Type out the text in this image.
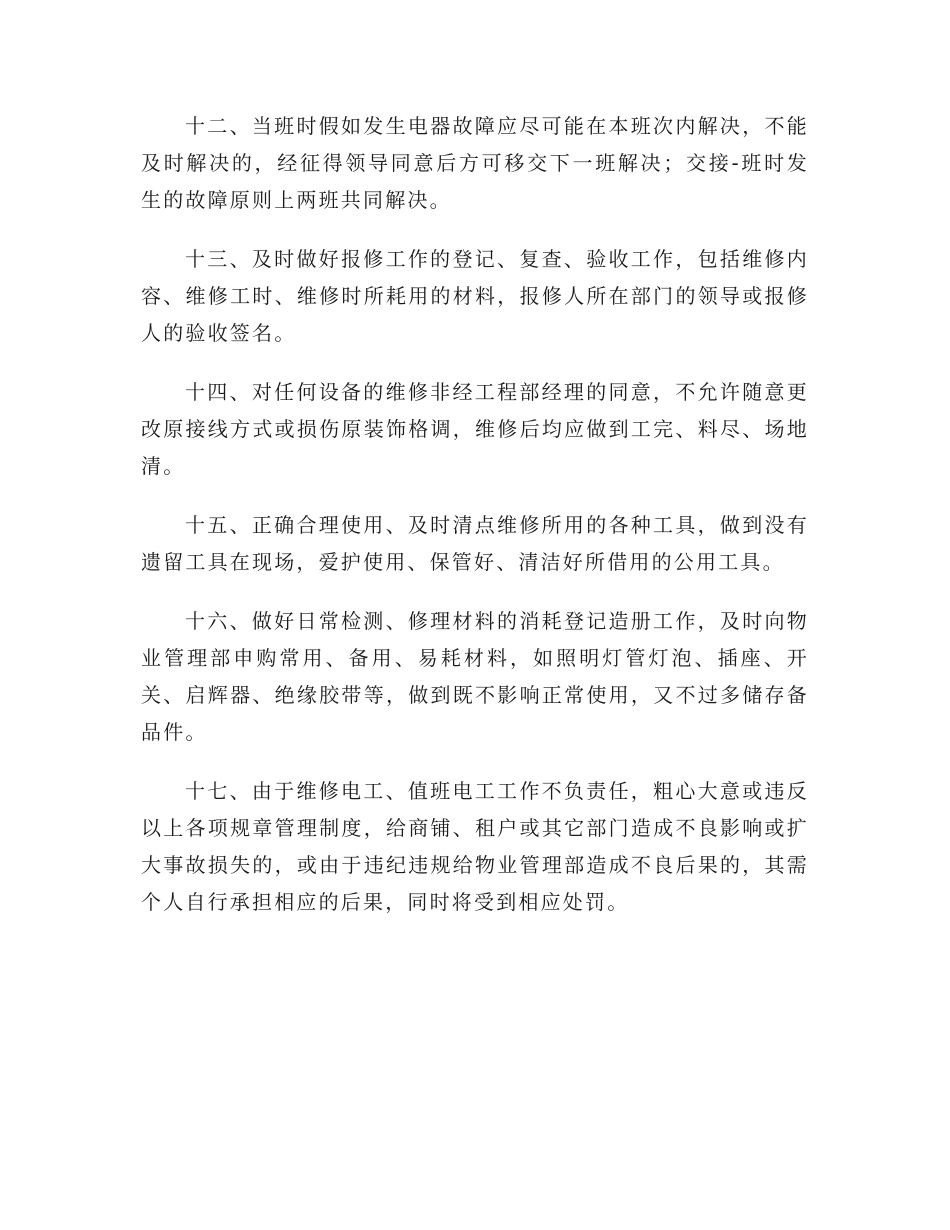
十二、当班时假如发生电器故障应尽可能在本班次内解决，不能及时解决的，经征得领导同意后方可移交下一班解决；交接-班时发生的故障原则上两班共同解决。

十三、及时做好报修工作的登记、复查、验收工作，包括维修内容、维修工时、维修时所耗用的材料，报修人所在部门的领导或报修人的验收签名。

十四、对任何设备的维修非经工程部经理的同意，不允许随意更改原接线方式或损伤原装饰格调，维修后均应做到工完、料尽、场地清。

十五、正确合理使用、及时清点维修所用的各种工具，做到没有遗留工具在现场，爱护使用、保管好、清洁好所借用的公用工具。

十六、做好日常检测、修理材料的消耗登记造册工作，及时向物业管理部申购常用、备用、易耗材料，如照明灯管灯泡、插座、开关、启辉器、绝缘胶带等，做到既不影响正常使用，又不过多储存备品件。

十七、由于维修电工、值班电工工作不负责任，粗心大意或违反以上各项规章管理制度，给商铺、租户或其它部门造成不良影响或扩大事故损失的，或由于违纪违规给物业管理部造成不良后果的，其需个人自行承担相应的后果，同时将受到相应处罚。
